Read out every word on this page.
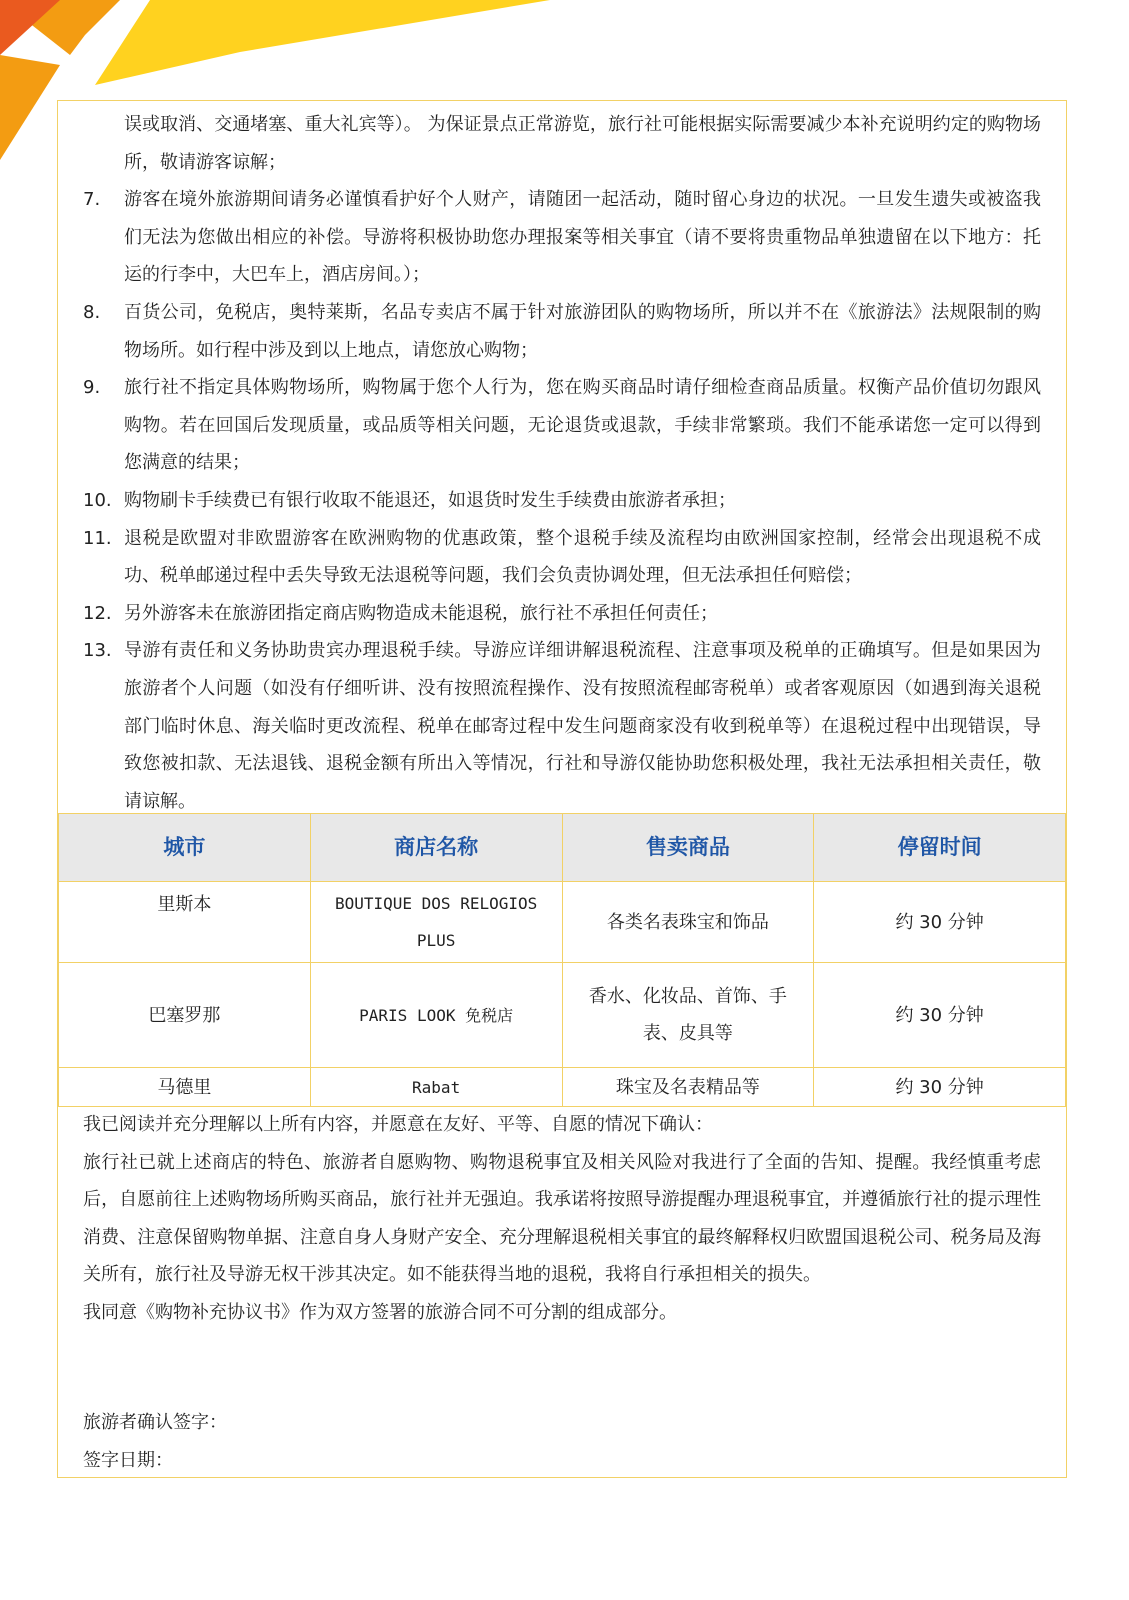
误或取消、交通堵塞、重大礼宾等）。 为保证景点正常游览，旅行社可能根据实际需要减少本补充说明约定的购物场所，敬请游客谅解；
7. 游客在境外旅游期间请务必谨慎看护好个人财产，请随团一起活动，随时留心身边的状况。一旦发生遗失或被盗我们无法为您做出相应的补偿。导游将积极协助您办理报案等相关事宜（请不要将贵重物品单独遗留在以下地方：托运的行李中，大巴车上，酒店房间。）；
8. 百货公司，免税店，奥特莱斯，名品专卖店不属于针对旅游团队的购物场所，所以并不在《旅游法》法规限制的购物场所。如行程中涉及到以上地点，请您放心购物；
9. 旅行社不指定具体购物场所，购物属于您个人行为，您在购买商品时请仔细检查商品质量。权衡产品价值切勿跟风购物。若在回国后发现质量，或品质等相关问题，无论退货或退款，手续非常繁琐。我们不能承诺您一定可以得到您满意的结果；
10. 购物刷卡手续费已有银行收取不能退还，如退货时发生手续费由旅游者承担；
11. 退税是欧盟对非欧盟游客在欧洲购物的优惠政策，整个退税手续及流程均由欧洲国家控制，经常会出现退税不成功、税单邮递过程中丢失导致无法退税等问题，我们会负责协调处理，但无法承担任何赔偿；
12. 另外游客未在旅游团指定商店购物造成未能退税，旅行社不承担任何责任；
13. 导游有责任和义务协助贵宾办理退税手续。导游应详细讲解退税流程、注意事项及税单的正确填写。但是如果因为旅游者个人问题（如没有仔细听讲、没有按照流程操作、没有按照流程邮寄税单）或者客观原因（如遇到海关退税部门临时休息、海关临时更改流程、税单在邮寄过程中发生问题商家没有收到税单等）在退税过程中出现错误，导致您被扣款、无法退钱、退税金额有所出入等情况，行社和导游仅能协助您积极处理，我社无法承担相关责任，敬请谅解。
城市	商店名称	售卖商品	停留时间
里斯本	BOUTIQUE DOS RELOGIOS PLUS	各类名表珠宝和饰品	约 30 分钟
巴塞罗那	PARIS LOOK 免税店	香水、化妆品、首饰、手表、皮具等	约 30 分钟
马德里	Rabat	珠宝及名表精品等	约 30 分钟

我已阅读并充分理解以上所有内容，并愿意在友好、平等、自愿的情况下确认：

旅行社已就上述商店的特色、旅游者自愿购物、购物退税事宜及相关风险对我进行了全面的告知、提醒。我经慎重考虑后，自愿前往上述购物场所购买商品，旅行社并无强迫。我承诺将按照导游提醒办理退税事宜，并遵循旅行社的提示理性消费、注意保留购物单据、注意自身人身财产安全、充分理解退税相关事宜的最终解释权归欧盟国退税公司、税务局及海关所有，旅行社及导游无权干涉其决定。如不能获得当地的退税，我将自行承担相关的损失。

我同意《购物补充协议书》作为双方签署的旅游合同不可分割的组成部分。

旅游者确认签字：
签字日期：
